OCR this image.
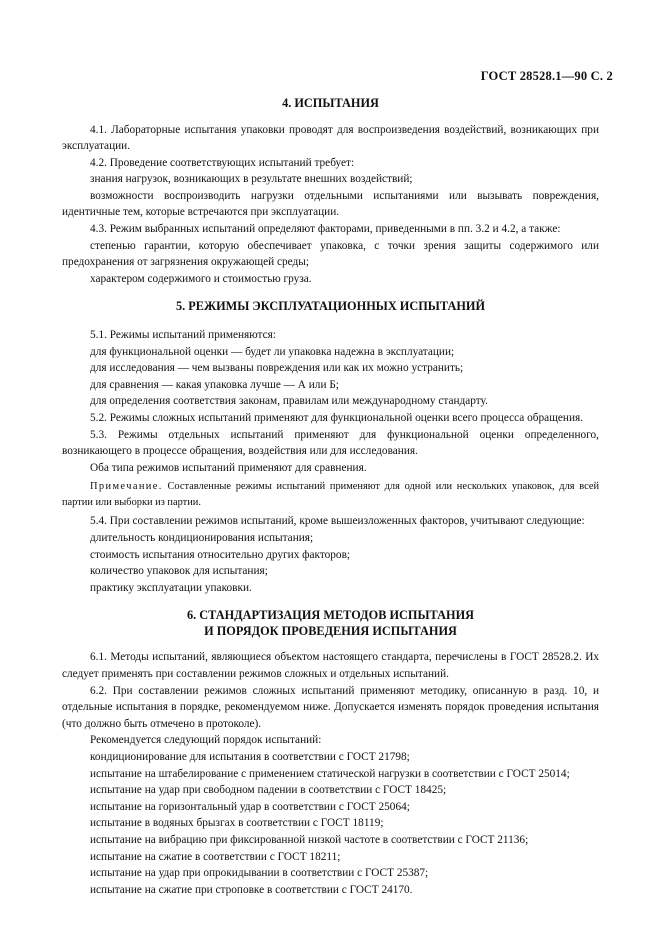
ГОСТ 28528.1—90 С. 2
4. ИСПЫТАНИЯ

4.1. Лабораторные испытания упаковки проводят для воспроизведения воздействий, возникающих при эксплуатации.

4.2. Проведение соответствующих испытаний требует:

знания нагрузок, возникающих в результате внешних воздействий;

возможности воспроизводить нагрузки отдельными испытаниями или вызывать повреждения, идентичные тем, которые встречаются при эксплуатации.

4.3. Режим выбранных испытаний определяют факторами, приведенными в пп. 3.2 и 4.2, а также:

степенью гарантии, которую обеспечивает упаковка, с точки зрения защиты содержимого или предохранения от загрязнения окружающей среды;

характером содержимого и стоимостью груза.

5. РЕЖИМЫ ЭКСПЛУАТАЦИОННЫХ ИСПЫТАНИЙ

5.1. Режимы испытаний применяются:

для функциональной оценки — будет ли упаковка надежна в эксплуатации;

для исследования — чем вызваны повреждения или как их можно устранить;

для сравнения — какая упаковка лучше — А или Б;

для определения соответствия законам, правилам или международному стандарту.

5.2. Режимы сложных испытаний применяют для функциональной оценки всего процесса обращения.

5.3. Режимы отдельных испытаний применяют для функциональной оценки определенного, возникающего в процессе обращения, воздействия или для исследования.

Оба типа режимов испытаний применяют для сравнения.

Примечание. Составленные режимы испытаний применяют для одной или нескольких упаковок, для всей партии или выборки из партии.

5.4. При составлении режимов испытаний, кроме вышеизложенных факторов, учитывают следующие:

длительность кондиционирования испытания;

стоимость испытания относительно других факторов;

количество упаковок для испытания;

практику эксплуатации упаковки.

6. СТАНДАРТИЗАЦИЯ МЕТОДОВ ИСПЫТАНИЯ
И ПОРЯДОК ПРОВЕДЕНИЯ ИСПЫТАНИЯ

6.1. Методы испытаний, являющиеся объектом настоящего стандарта, перечислены в ГОСТ 28528.2. Их следует применять при составлении режимов сложных и отдельных испытаний.

6.2. При составлении режимов сложных испытаний применяют методику, описанную в разд. 10, и отдельные испытания в порядке, рекомендуемом ниже. Допускается изменять порядок проведения испытания (что должно быть отмечено в протоколе).

Рекомендуется следующий порядок испытаний:

кондиционирование для испытания в соответствии с ГОСТ 21798;

испытание на штабелирование с применением статической нагрузки в соответствии с ГОСТ 25014;

испытание на удар при свободном падении в соответствии с ГОСТ 18425;

испытание на горизонтальный удар в соответствии с ГОСТ 25064;

испытание в водяных брызгах в соответствии с ГОСТ 18119;

испытание на вибрацию при фиксированной низкой частоте в соответствии с ГОСТ 21136;

испытание на сжатие в соответствии с ГОСТ 18211;

испытание на удар при опрокидывании в соответствии с ГОСТ 25387;

испытание на сжатие при строповке в соответствии с ГОСТ 24170.
